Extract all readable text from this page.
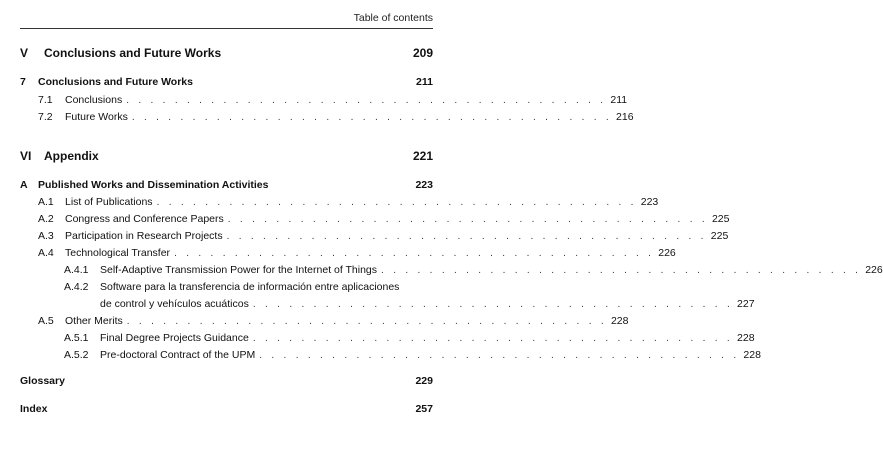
Table of contents
V	Conclusions and Future Works	209
7	Conclusions and Future Works	211
7.1	Conclusions . . . . . . . . . . . . . . . . . . . . . . . . . . . . . . . . . . . . . . . . 211
7.2	Future Works . . . . . . . . . . . . . . . . . . . . . . . . . . . . . . . . . . . . . . . . 216
VI	Appendix	221
A Published Works and Dissemination Activities	223
A.1	List of Publications . . . . . . . . . . . . . . . . . . . . . . . . . . . . . . . . . . . . . . . . 223
A.2	Congress and Conference Papers . . . . . . . . . . . . . . . . . . . . . . . . . . . . . . . . . . . . . . . . 225
A.3	Participation in Research Projects . . . . . . . . . . . . . . . . . . . . . . . . . . . . . . . . . . . . . . . . 225
A.4	Technological Transfer . . . . . . . . . . . . . . . . . . . . . . . . . . . . . . . . . . . . . . . . 226
A.4.1	Self-Adaptive Transmission Power for the Internet of Things . . . . . . . . . . . . . . . . . . . . . . . . . . . . . . . . . . . . . . . . 226
A.4.2	Software para la transferencia de información entre aplicaciones
de control y vehículos acuáticos . . . . . . . . . . . . . . . . . . . . . . . . . . . . . . . . . . . . . . . . 227
A.5	Other Merits . . . . . . . . . . . . . . . . . . . . . . . . . . . . . . . . . . . . . . . . 228
A.5.1	Final Degree Projects Guidance . . . . . . . . . . . . . . . . . . . . . . . . . . . . . . . . . . . . . . . . 228
A.5.2	Pre-doctoral Contract of the UPM . . . . . . . . . . . . . . . . . . . . . . . . . . . . . . . . . . . . . . . . 228
Glossary	229
Index	257
